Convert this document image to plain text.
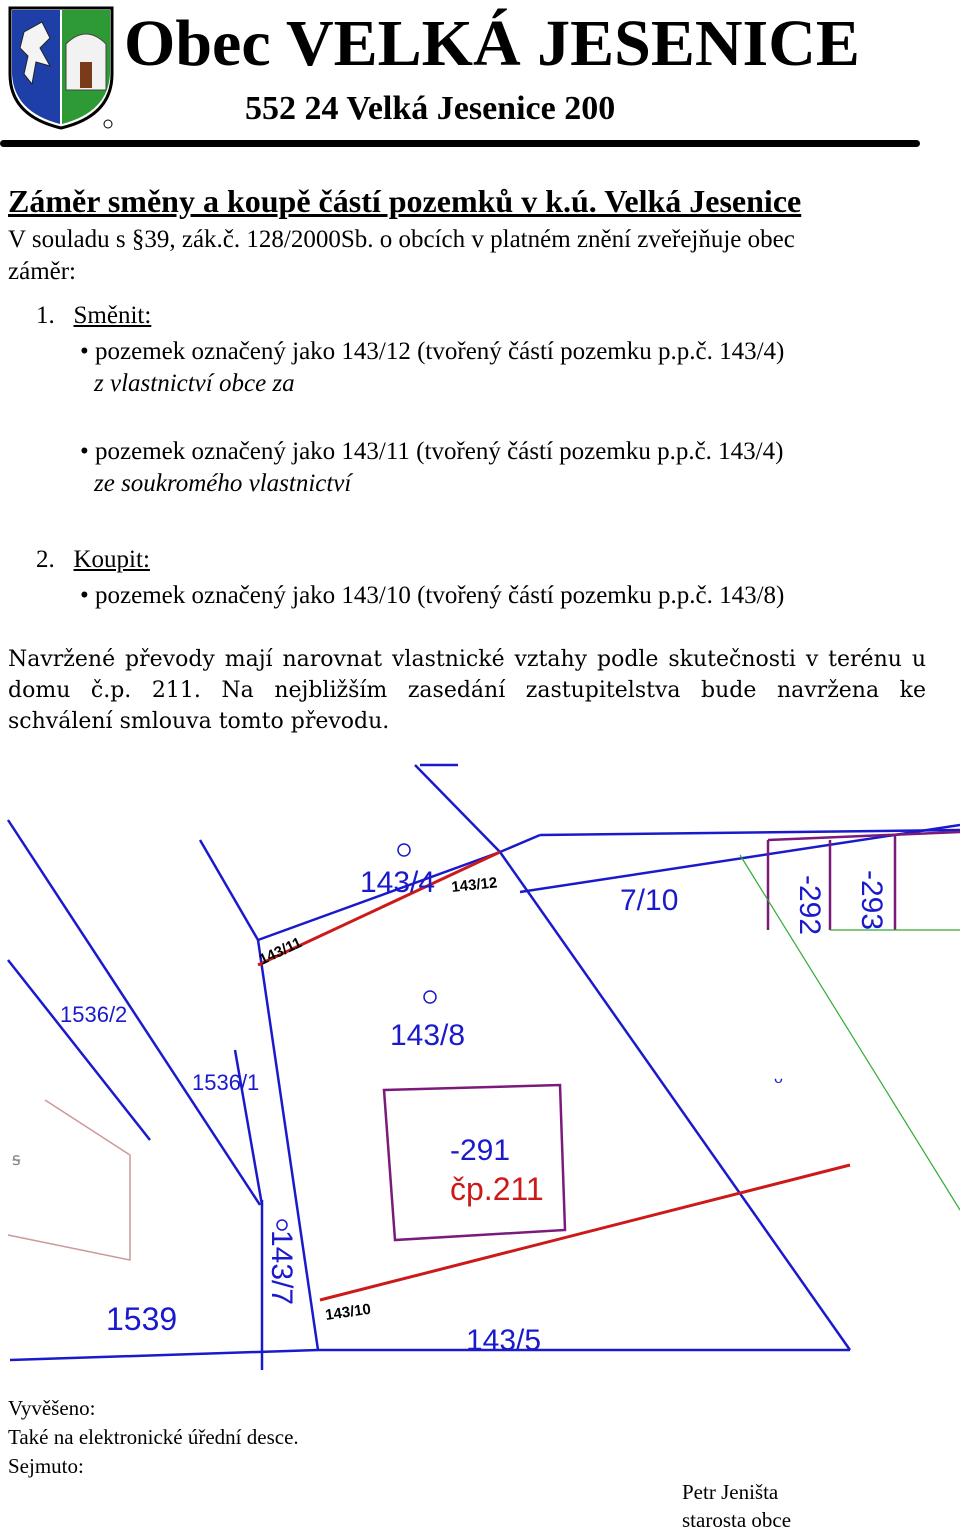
Obec VELKÁ JESENICE
552 24 Velká Jesenice 200
Záměr směny a koupě částí pozemků v k.ú. Velká Jesenice
V souladu s §39, zák.č. 128/2000Sb. o obcích v platném znění zveřejňuje obec
záměr:
1. Směnit:
• pozemek označený jako 143/12 (tvořený částí pozemku p.p.č. 143/4)
z vlastnictví obce za
• pozemek označený jako 143/11 (tvořený částí pozemku p.p.č. 143/4)
ze soukromého vlastnictví
2. Koupit:
• pozemek označený jako 143/10 (tvořený částí pozemku p.p.č. 143/8)
Navržené převody mají narovnat vlastnické vztahy podle skutečnosti v terénu u
domu č.p. 211. Na nejbližším zasedání zastupitelstva bude navržena ke
schválení smlouva tomto převodu.
143/4
7/10	-292 -293
143/8
-291
1539
143/5
143/7
1536/2
1536/1
143/12
143/11
143/10
čp.211
ᴗ
ꟊ
Vyvěšeno:
Také na elektronické úřední desce.
Sejmuto:
Petr Jeništa
starosta obce
